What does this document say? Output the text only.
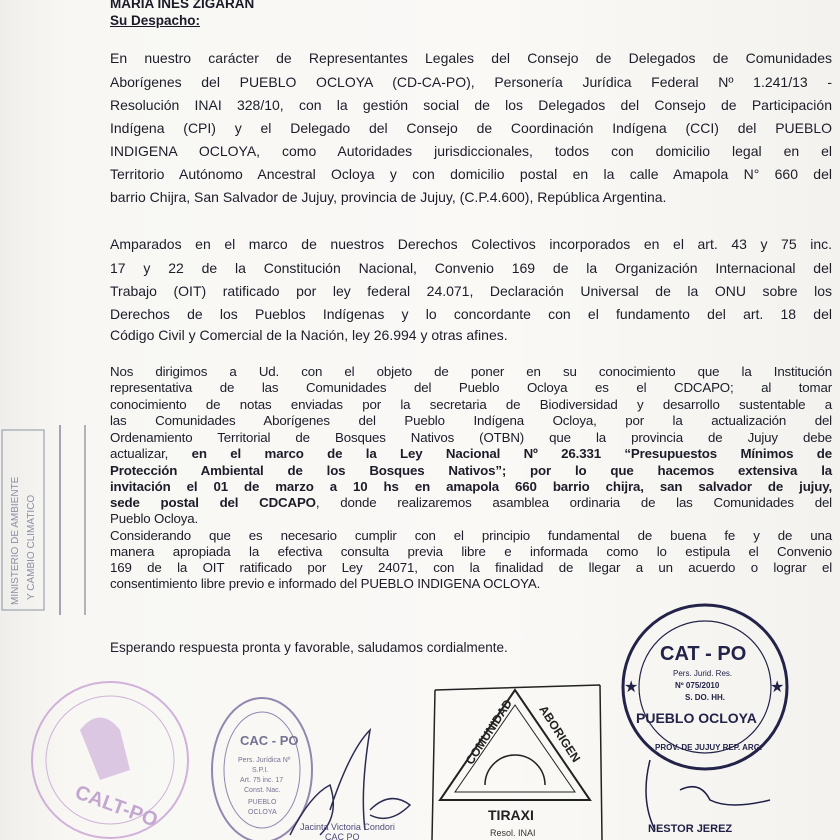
MARIA INES ZIGARAN
Su Despacho:
En nuestro carácter de Representantes Legales del Consejo de Delegados de Comunidades
Aborígenes del PUEBLO OCLOYA (CD-CA-PO), Personería Jurídica Federal Nº 1.241/13 -
Resolución INAI 328/10, con la gestión social de los Delegados del Consejo de Participación
Indígena (CPI) y el Delegado del Consejo de Coordinación Indígena (CCI) del PUEBLO
INDIGENA OCLOYA, como Autoridades jurisdiccionales, todos con domicilio legal en el
Territorio Autónomo Ancestral Ocloya y con domicilio postal en la calle Amapola N° 660 del
barrio Chijra, San Salvador de Jujuy, provincia de Jujuy, (C.P.4.600), República Argentina.
Amparados en el marco de nuestros Derechos Colectivos incorporados en el art. 43 y 75 inc.
17 y 22 de la Constitución Nacional, Convenio 169 de la Organización Internacional del
Trabajo (OIT) ratificado por ley federal 24.071, Declaración Universal de la ONU sobre los
Derechos de los Pueblos Indígenas y lo concordante con el fundamento del art. 18 del
Código Civil y Comercial de la Nación, ley 26.994 y otras afines.
Nos dirigimos a Ud. con el objeto de poner en su conocimiento que la Institución
representativa de las Comunidades del Pueblo Ocloya es el CDCAPO; al tomar
conocimiento de notas enviadas por la secretaria de Biodiversidad y desarrollo sustentable a
las Comunidades Aborígenes del Pueblo Indígena Ocloya, por la actualización del
Ordenamiento Territorial de Bosques Nativos (OTBN) que la provincia de Jujuy debe
actualizar, en el marco de la Ley Nacional Nº 26.331 “Presupuestos Mínimos de
Protección Ambiental de los Bosques Nativos”; por lo que hacemos extensiva la
invitación el 01 de marzo a 10 hs en amapola 660 barrio chijra, san salvador de jujuy,
sede postal del CDCAPO, donde realizaremos asamblea ordinaria de las Comunidades del
Pueblo Ocloya.
Considerando que es necesario cumplir con el principio fundamental de buena fe y de una
manera apropiada la efectiva consulta previa libre e informada como lo estipula el Convenio
169 de la OIT ratificado por Ley 24071, con la finalidad de llegar a un acuerdo o lograr el
consentimiento libre previo e informado del PUEBLO INDIGENA OCLOYA.
Esperando respuesta pronta y favorable, saludamos cordialmente.
MINISTERIO DE AMBIENTE Y CAMBIO CLIMATICO
CALT-PO
CAC - PO
Pers. Jurídica Nº
S.P.I.
Art. 75 inc. 17
Const. Nac.
PUEBLO
OCLOYA
Jacinta Victoria Condori
CAC PO
COMUNIDAD ABORIGEN
TIRAXI
Resol. INAI
CAT - PO
Pers. Jurid. Res.
Nº 075/2010
S. DO. HH.
PUEBLO OCLOYA
PROV. DE JUJUY REP. ARG.
★	★
NESTOR JEREZ
